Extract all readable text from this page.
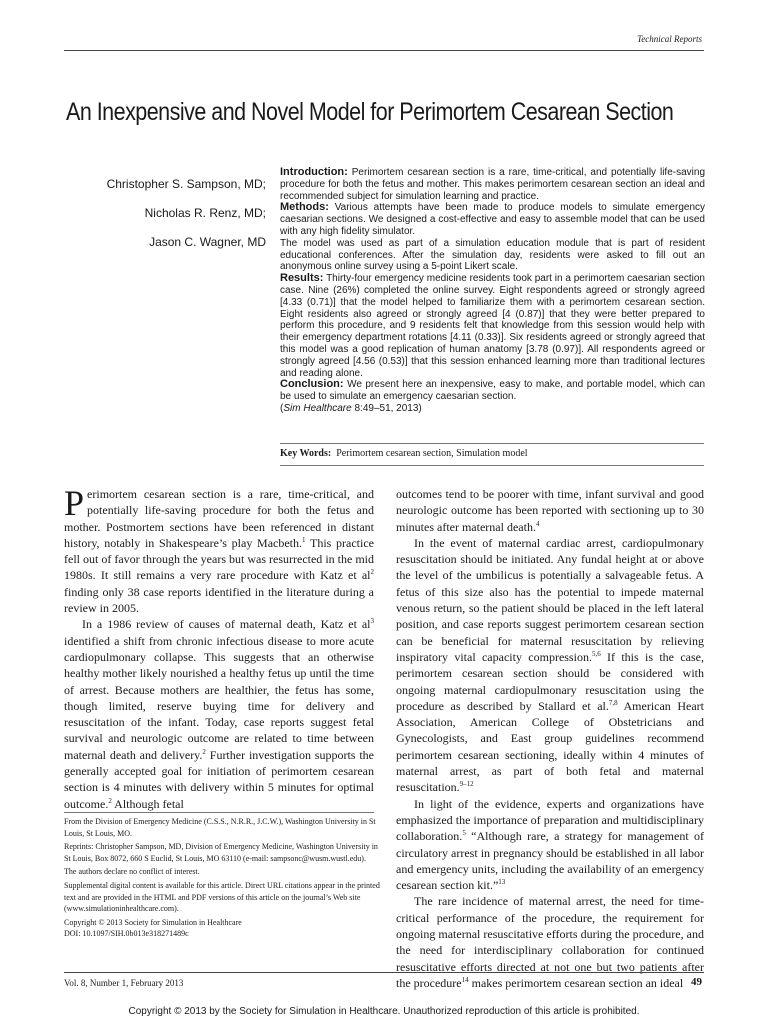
Technical Reports
An Inexpensive and Novel Model for Perimortem Cesarean Section
Christopher S. Sampson, MD;
Nicholas R. Renz, MD;
Jason C. Wagner, MD

Introduction: Perimortem cesarean section is a rare, time-critical, and potentially life-saving procedure for both the fetus and mother. This makes perimortem cesarean section an ideal and recommended subject for simulation learning and practice.

Methods: Various attempts have been made to produce models to simulate emergency caesarian sections. We designed a cost-effective and easy to assemble model that can be used with any high fidelity simulator.

The model was used as part of a simulation education module that is part of resident educational conferences. After the simulation day, residents were asked to fill out an anonymous online survey using a 5-point Likert scale.

Results: Thirty-four emergency medicine residents took part in a perimortem caesarian section case. Nine (26%) completed the online survey. Eight respondents agreed or strongly agreed [4.33 (0.71)] that the model helped to familiarize them with a perimortem cesarean section. Eight residents also agreed or strongly agreed [4 (0.87)] that they were better prepared to perform this procedure, and 9 residents felt that knowledge from this session would help with their emergency department rotations [4.11 (0.33)]. Six residents agreed or strongly agreed that this model was a good replication of human anatomy [3.78 (0.97)]. All respondents agreed or strongly agreed [4.56 (0.53)] that this session enhanced learning more than traditional lectures and reading alone.

Conclusion: We present here an inexpensive, easy to make, and portable model, which can be used to simulate an emergency caesarian section.

(Sim Healthcare 8:49–51, 2013)

Key Words: Perimortem cesarean section, Simulation model

Perimortem cesarean section is a rare, time-critical, and potentially life-saving procedure for both the fetus and mother. Postmortem sections have been referenced in distant history, notably in Shakespeare’s play Macbeth.$^1$ This practice fell out of favor through the years but was resurrected in the mid 1980s. It still remains a very rare procedure with Katz et $al^2$ finding only 38 case reports identified in the literature during a review in 2005.

In a 1986 review of causes of maternal death, Katz et $al^3$ identified a shift from chronic infectious disease to more acute cardiopulmonary collapse. This suggests that an otherwise healthy mother likely nourished a healthy fetus up until the time of arrest. Because mothers are healthier, the fetus has some, though limited, reserve buying time for delivery and resuscitation of the infant. Today, case reports suggest fetal survival and neurologic outcome are related to time between maternal death and delivery.$^2$ Further investigation supports the generally accepted goal for initiation of perimortem cesarean section is 4 minutes with delivery within 5 minutes for optimal outcome.$^2$ Although fetal

outcomes tend to be poorer with time, infant survival and good neurologic outcome has been reported with sectioning up to 30 minutes after maternal death.$^4$

In the event of maternal cardiac arrest, cardiopulmonary resuscitation should be initiated. Any fundal height at or above the level of the umbilicus is potentially a salvageable fetus. A fetus of this size also has the potential to impede maternal venous return, so the patient should be placed in the left lateral position, and case reports suggest perimortem cesarean section can be beneficial for maternal resuscitation by relieving inspiratory vital capacity compression.$^{5,6}$ If this is the case, perimortem cesarean section should be considered with ongoing maternal cardiopulmonary resuscitation using the procedure as described by Stallard et al.$^{7,8}$ American Heart Association, American College of Obstetricians and Gynecologists, and East group guidelines recommend perimortem cesarean sectioning, ideally within 4 minutes of maternal arrest, as part of both fetal and maternal resuscitation.$^{9-12}$

In light of the evidence, experts and organizations have emphasized the importance of preparation and multidisciplinary collaboration.$^5$ “Although rare, a strategy for management of circulatory arrest in pregnancy should be established in all labor and emergency units, including the availability of an emergency cesarean section kit.”$^{13}$

The rare incidence of maternal arrest, the need for time-critical performance of the procedure, the requirement for ongoing maternal resuscitative efforts during the procedure, and the need for interdisciplinary collaboration for continued resuscitative efforts directed at not one but two patients after the procedure$^{14}$ makes perimortem cesarean section an ideal

From the Division of Emergency Medicine (C.S.S., N.R.R., J.C.W.), Washington University in St Louis, St Louis, MO.

Reprints: Christopher Sampson, MD, Division of Emergency Medicine, Washington University in St Louis, Box 8072, 660 S Euclid, St Louis, MO 63110 (e-mail: sampsonc@wusm.wustl.edu).

The authors declare no conflict of interest.

Supplemental digital content is available for this article. Direct URL citations appear in the printed text and are provided in the HTML and PDF versions of this article on the journal’s Web site (www.simulationinhealthcare.com).

Copyright © 2013 Society for Simulation in Healthcare

DOI: 10.1097/SIH.0b013e318271489c

Vol. 8, Number 1, February 2013	49
Copyright © 2013 by the Society for Simulation in Healthcare. Unauthorized reproduction of this article is prohibited.
